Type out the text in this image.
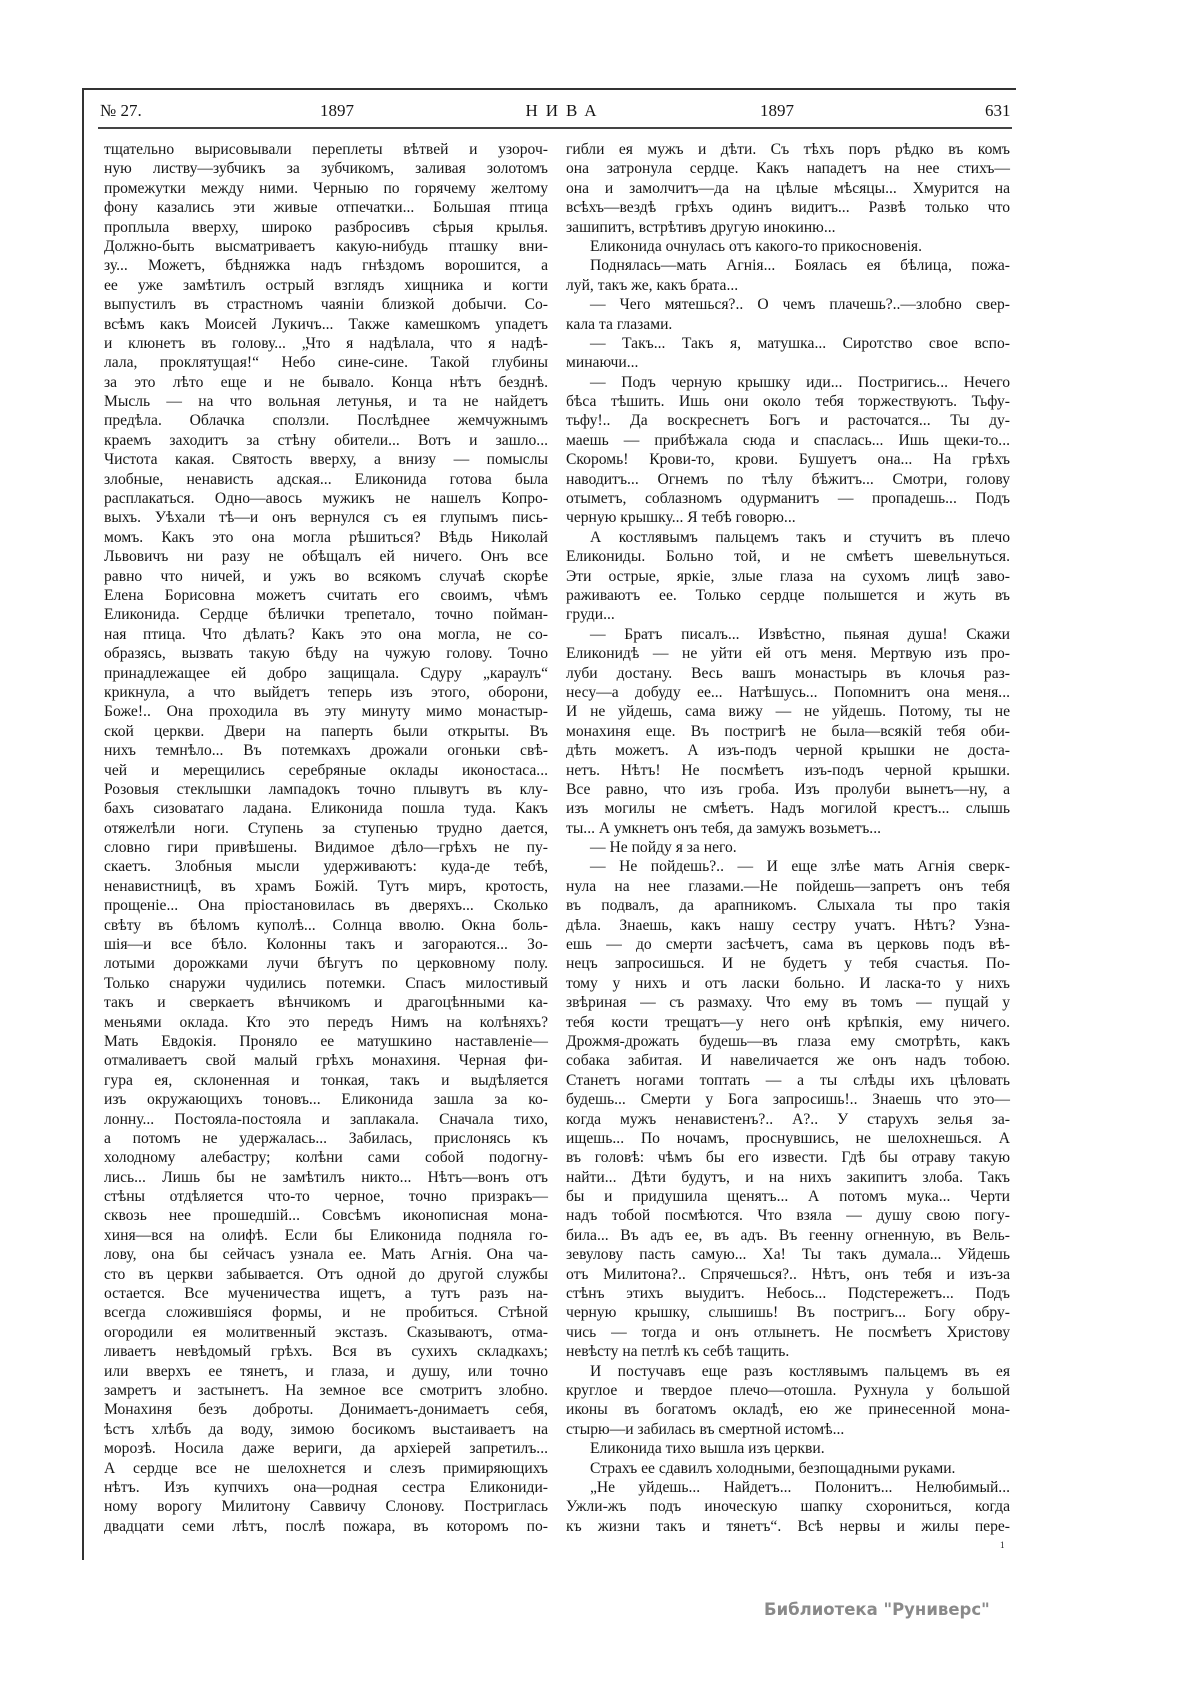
№ 27.	1897	НИВА	1897	631
тщательно вырисовывали переплеты вѣтвей и узороч-
ную листву—зубчикъ за зубчикомъ, заливая золотомъ
промежутки между ними. Черныю по горячему желтому
фону казались эти живые отпечатки... Большая птица
проплыла вверху, широко разбросивъ сѣрыя крылья.
Должно-быть высматриваетъ какую-нибудь пташку вни-
зу... Можетъ, бѣдняжка надъ гнѣздомъ ворошится, а
ее уже замѣтилъ острый взглядъ хищника и когти
выпустилъ въ страстномъ чаяніи близкой добычи. Со-
всѣмъ какъ Моисей Лукичъ... Также камешкомъ упадетъ
и клюнетъ въ голову... „Что я надѣлала, что я надѣ-
лала, проклятущая!“ Небо сине-сине. Такой глубины
за это лѣто еще и не бывало. Конца нѣтъ безднѣ.
Мысль — на что вольная летунья, и та не найдетъ
предѣла. Облачка сползли. Послѣднее жемчужнымъ
краемъ заходитъ за стѣну обители... Вотъ и зашло...
Чистота какая. Святость вверху, а внизу — помыслы
злобные, ненависть адская... Еликонида готова была
расплакаться. Одно—авось мужикъ не нашелъ Копро-
выхъ. Уѣхали тѣ—и онъ вернулся съ ея глупымъ пись-
момъ. Какъ это она могла рѣшиться? Вѣдь Николай
Львовичъ ни разу не обѣщалъ ей ничего. Онъ все
равно что ничей, и ужъ во всякомъ случаѣ скорѣе
Елена Борисовна можетъ считать его своимъ, чѣмъ
Еликонида. Сердце бѣлички трепетало, точно пойман-
ная птица. Что дѣлать? Какъ это она могла, не со-
образясь, вызвать такую бѣду на чужую голову. Точно
принадлежащее ей добро защищала. Сдуру „караулъ“
крикнула, а что выйдетъ теперь изъ этого, оборони,
Боже!.. Она проходила въ эту минуту мимо монастыр-
ской церкви. Двери на паперть были открыты. Въ
нихъ темнѣло... Въ потемкахъ дрожали огоньки свѣ-
чей и мерещились серебряные оклады иконостаса...
Розовыя стеклышки лампадокъ точно плывутъ въ клу-
бахъ сизоватаго ладана. Еликонида пошла туда. Какъ
отяжелѣли ноги. Ступень за ступенью трудно дается,
словно гири привѣшены. Видимое дѣло—грѣхъ не пу-
скаетъ. Злобныя мысли удерживаютъ: куда-де тебѣ,
ненавистницѣ, въ храмъ Божій. Тутъ миръ, кротость,
прощеніе... Она пріостановилась въ дверяхъ... Сколько
свѣту въ бѣломъ куполѣ... Солнца вволю. Окна боль-
шія—и все бѣло. Колонны такъ и загораются... Зо-
лотыми дорожками лучи бѣгутъ по церковному полу.
Только снаружи чудились потемки. Спасъ милостивый
такъ и сверкаетъ вѣнчикомъ и драгоцѣнными ка-
меньями оклада. Кто это передъ Нимъ на колѣняхъ?
Мать Евдокія. Проняло ее матушкино наставленіе—
отмаливаетъ свой малый грѣхъ монахиня. Черная фи-
гура ея, склоненная и тонкая, такъ и выдѣляется
изъ окружающихъ тоновъ... Еликонида зашла за ко-
лонну... Постояла-постояла и заплакала. Сначала тихо,
а потомъ не удержалась... Забилась, прислонясь къ
холодному алебастру; колѣни сами собой подогну-
лись... Лишь бы не замѣтилъ никто... Нѣтъ—вонъ отъ
стѣны отдѣляется что-то черное, точно призракъ—
сквозь нее прошедшій... Совсѣмъ иконописная мона-
хиня—вся на олифѣ. Если бы Еликонида подняла го-
лову, она бы сейчасъ узнала ее. Мать Агнія. Она ча-
сто въ церкви забывается. Отъ одной до другой службы
остается. Все мученичества ищетъ, а тутъ разъ на-
всегда сложившіяся формы, и не пробиться. Стѣной
огородили ея молитвенный экстазъ. Сказываютъ, отма-
ливаетъ невѣдомый грѣхъ. Вся въ сухихъ складкахъ;
или вверхъ ее тянетъ, и глаза, и душу, или точно
замретъ и застынетъ. На земное все смотритъ злобно.
Монахиня безъ доброты. Донимаетъ-донимаетъ себя,
ѣстъ хлѣбъ да воду, зимою босикомъ выстаиваетъ на
морозѣ. Носила даже вериги, да архіерей запретилъ...
А сердце все не шелохнется и слезъ примиряющихъ
нѣтъ. Изъ купчихъ она—родная сестра Еликониди-
ному ворогу Милитону Саввичу Слонову. Постриглась
двадцати семи лѣтъ, послѣ пожара, въ которомъ по-
гибли ея мужъ и дѣти. Съ тѣхъ поръ рѣдко въ комъ
она затронула сердце. Какъ нападетъ на нее стихъ—
она и замолчитъ—да на цѣлые мѣсяцы... Хмурится на
всѣхъ—вездѣ грѣхъ одинъ видитъ... Развѣ только что
зашипитъ, встрѣтивъ другую инокиню...
Еликонида очнулась отъ какого-то прикосновенія.
Поднялась—мать Агнія... Боялась ея бѣлица, пожа-
луй, такъ же, какъ брата...
— Чего мятешься?.. О чемъ плачешь?..—злобно свер-
кала та глазами.
— Такъ... Такъ я, матушка... Сиротство свое вспо-
минаючи...
— Подъ черную крышку иди... Постригись... Нечего
бѣса тѣшить. Ишь они около тебя торжествуютъ. Тьфу-
тьфу!.. Да воскреснетъ Богъ и расточатся... Ты ду-
маешь — прибѣжала сюда и спаслась... Ишь щеки-то...
Скоромь! Крови-то, крови. Бушуетъ она... На грѣхъ
наводитъ... Огнемъ по тѣлу бѣжитъ... Смотри, голову
отыметъ, соблазномъ одурманитъ — пропадешь... Подъ
черную крышку... Я тебѣ говорю...
А костлявымъ пальцемъ такъ и стучитъ въ плечо
Еликониды. Больно той, и не смѣетъ шевельнуться.
Эти острые, яркіе, злые глаза на сухомъ лицѣ заво-
раживаютъ ее. Только сердце полышется и жуть въ
груди...
— Братъ писалъ... Извѣстно, пьяная душа! Скажи
Еликонидѣ — не уйти ей отъ меня. Мертвую изъ про-
луби достану. Весь вашъ монастырь въ клочья раз-
несу—а добуду ее... Натѣшусь... Попомнитъ она меня...
И не уйдешь, сама вижу — не уйдешь. Потому, ты не
монахиня еще. Въ постригѣ не была—всякій тебя оби-
дѣть можетъ. А изъ-подъ черной крышки не доста-
нетъ. Нѣтъ! Не посмѣетъ изъ-подъ черной крышки.
Все равно, что изъ гроба. Изъ пролуби вынетъ—ну, а
изъ могилы не смѣетъ. Надъ могилой крестъ... слышь
ты... А умкнетъ онъ тебя, да замужъ возьметъ...
— Не пойду я за него.
— Не пойдешь?.. — И еще злѣе мать Агнія сверк-
нула на нее глазами.—Не пойдешь—запретъ онъ тебя
въ подвалъ, да арапникомъ. Слыхала ты про такія
дѣла. Знаешь, какъ нашу сестру учатъ. Нѣтъ? Узна-
ешь — до смерти засѣчетъ, сама въ церковь подъ вѣ-
нецъ запросишься. И не будетъ у тебя счастья. По-
тому у нихъ и отъ ласки больно. И ласка-то у нихъ
звѣриная — съ размаху. Что ему въ томъ — пущай у
тебя кости трещатъ—у него онѣ крѣпкія, ему ничего.
Дрожмя-дрожать будешь—въ глаза ему смотрѣть, какъ
собака забитая. И навеличается же онъ надъ тобою.
Станетъ ногами топтать — а ты слѣды ихъ цѣловать
будешь... Смерти у Бога запросишь!.. Знаешь что это—
когда мужъ ненавистенъ?.. А?.. У старухъ зелья за-
ищешь... По ночамъ, проснувшись, не шелохнешься. А
въ головѣ: чѣмъ бы его извести. Гдѣ бы отраву такую
найти... Дѣти будутъ, и на нихъ закипитъ злоба. Такъ
бы и придушила щенятъ... А потомъ мука... Черти
надъ тобой посмѣются. Что взяла — душу свою погу-
била... Въ адъ ее, въ адъ. Въ геенну огненную, въ Вель-
зевулову пасть самую... Ха! Ты такъ думала... Уйдешь
отъ Милитона?.. Спрячешься?.. Нѣтъ, онъ тебя и изъ-за
стѣнъ этихъ выудитъ. Небось... Подстережетъ... Подъ
черную крышку, слышишь! Въ постригъ... Богу обру-
чись — тогда и онъ отлынетъ. Не посмѣетъ Христову
невѣсту на петлѣ къ себѣ тащить.
И постучавъ еще разъ костлявымъ пальцемъ въ ея
круглое и твердое плечо—отошла. Рухнула у большой
иконы въ богатомъ окладѣ, ею же принесенной мона-
стырю—и забилась въ смертной истомѣ...
Еликонида тихо вышла изъ церкви.
Страхъ ее сдавилъ холодными, безпощадными руками.
„Не уйдешь... Найдетъ... Полонитъ... Нелюбимый...
Ужли-жъ подъ иноческую шапку схорониться, когда
къ жизни такъ и тянетъ“. Всѣ нервы и жилы пере-
1
Библиотека "Руниверс"
